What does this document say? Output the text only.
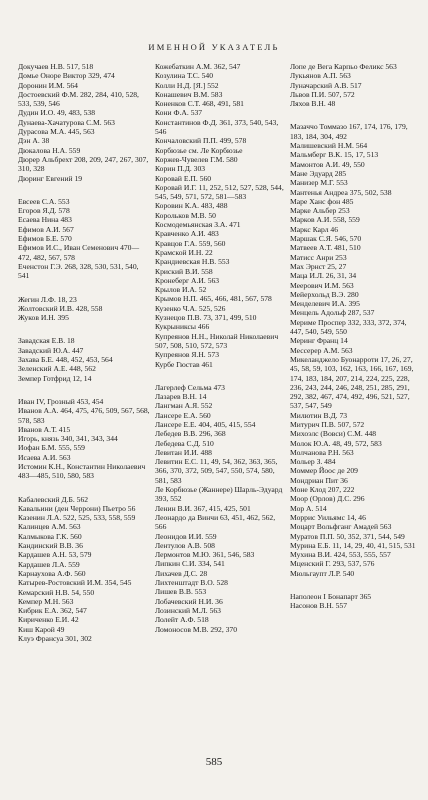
ИМЕННОЙ УКАЗАТЕЛЬ
Докучаев Н.В. 517, 518
Домье Оноре Виктор 329, 474
Доронин И.М. 564
Достоевский Ф.М. 282, 284, 410, 528, 533, 539, 546
Дудин И.О. 49, 483, 538
Дунаева-Хачатурова С.М. 563
Дурасова М.А. 445, 563
Дэн А. 38
Дюкалова Н.А. 559
Дюрер Альбрехт 208, 209, 247, 267, 307, 310, 328
Дюринг Евгений 19
Евсеев С.А. 553
Егоров Я.Д. 578
Есаева Нина 483
Ефимов А.И. 567
Ефимов Б.Е. 570
Ефимов И.С., Иван Семенович 470—472, 482, 567, 578
Еченстон Г.Э. 268, 328, 530, 531, 540, 541
Жегин Л.Ф. 18, 23
Жолтовский И.В. 428, 558
Жуков И.Н. 395
Завадская Е.В. 18
Завадский Ю.А. 447
Захава Б.Е. 448, 452, 453, 564
Зеленский А.Е. 448, 562
Земпер Готфрид 12, 14
Иван IV, Грозный 453, 454
Иванов А.А. 464, 475, 476, 509, 567, 568, 578, 583
Иванов А.Т. 415
Игорь, князь 340, 341, 343, 344
Иофан Б.М. 555, 559
Исаева А.И. 563
Истомин К.Н., Константин Николаевич 483—485, 510, 580, 583
Кабалевский Д.Б. 562
Кавальини (ден Черрони) Пьетро 56
Казенин Л.А. 522, 525, 533, 558, 559
Калинцев А.М. 563
Калмыкова Г.К. 560
Кандинский В.В. 36
Кардашев А.Н. 53, 579
Кардашев Л.А. 559
Карнаухова А.Ф. 560
Катырев-Ростовский И.М. 354, 545
Кемарский Н.В. 54, 550
Кемпер М.Н. 563
Кибрик Е.А. 362, 547
Кириченко Е.И. 42
Киш Карой 49
Клуэ Франсуа 301, 302
Кожебаткин А.М. 362, 547
Козулина Т.С. 540
Колли Н.Д. [Я.] 552
Конашевич В.М. 583
Коненков С.Т. 468, 491, 581
Кони Ф.А. 537
Константинов Ф.Д. 361, 373, 540, 543, 546
Кончаловский П.П. 499, 578
Корбюзье см. Ле Корбюзье
Коржев-Чувелев Г.М. 580
Корин П.Д. 303
Коровай Е.П. 560
Коровай И.Г. 11, 252, 512, 527, 528, 544, 545, 549, 571, 572, 581—583
Коровин К.А. 483, 488
Корольков М.В. 50
Космодемьянская З.А. 471
Кравченко А.И. 483
Кравцов Г.А. 559, 560
Крамской И.Н. 22
Крандиевская Н.В. 553
Криский В.И. 558
Кронеберг А.И. 563
Крылов И.А. 52
Крымов Н.П. 465, 466, 481, 567, 578
Кузенко Ч.А. 525, 526
Кузнецов П.В. 73, 371, 499, 510
Кукрыниксы 466
Купреянов Н.Н., Николай Николаевич 507, 508, 510, 572, 573
Купреянов Я.Н. 573
Курбе Гюстав 461
Лагерлеф Сельма 473
Лазарев В.Н. 14
Лангман А.Я. 552
Лансере Е.А. 560
Лансере Е.Е. 404, 405, 415, 554
Лебедев В.В. 296, 368
Лебедева С.Д. 510
Левитан И.И. 488
Левитин Е.С. 11, 49, 54, 362, 363, 365, 366, 370, 372, 509, 547, 550, 574, 580, 581, 583
Ле Корбюзье (Жаннере) Шарль-Эдуард 393, 552
Ленин В.И. 367, 415, 425, 501
Леонардо да Винчи 63, 451, 462, 562, 566
Леонидов И.И. 559
Лентулов А.В. 508
Лермонтов М.Ю. 361, 546, 583
Липкин С.И. 334, 541
Лихачев Д.С. 28
Лихтенштадт В.О. 528
Лишев В.В. 553
Лобачевский Н.И. 36
Лозинский М.Л. 563
Лолейт А.Ф. 518
Ломоносов М.В. 292, 370
Лопе де Вега Карпьо Феликс 563
Лукьянов А.П. 563
Луначарский А.В. 517
Львов П.И. 507, 572
Ляхов В.Н. 48
Мазаччо Томмазо 167, 174, 176, 179, 183, 184, 304, 492
Малишевский Н.М. 564
Мальмберг В.К. 15, 17, 513
Мамонтов А.И. 49, 550
Мане Эдуард 285
Манизер М.Г. 553
Мантенья Андреа 375, 502, 538
Маре Ханс фон 485
Марке Альбер 253
Марков А.И. 558, 559
Маркс Карл 46
Маршак С.Я. 546, 570
Матвеев А.Т. 481, 510
Матисс Анри 253
Мах Эрнст 25, 27
Маца И.Л. 26, 31, 34
Меерович И.М. 563
Мейерхольд В.Э. 280
Менделевич И.А. 395
Менцель Адольф 287, 537
Мериме Проспер 332, 333, 372, 374, 447, 540, 549, 550
Меринг Франц 14
Мессерер А.М. 563
Микеланджело Буонарроти 17, 26, 27, 45, 58, 59, 103, 162, 163, 166, 167, 169, 174, 183, 184, 207, 214, 224, 225, 228, 236, 243, 244, 246, 248, 251, 285, 291, 292, 382, 467, 474, 492, 496, 521, 527, 537, 547, 549
Милютин В.Д. 73
Митурич П.В. 507, 572
Михоэлс (Вовси) С.М. 448
Молок Ю.А. 48, 49, 572, 583
Молчанова Р.Н. 563
Мольер З. 484
Моммер Йоос де 209
Мондриан Пит 36
Моне Клод 207, 222
Моор (Орлов) Д.С. 296
Мор А. 514
Моррис Уильямс 14, 46
Моцарт Вольфганг Амадей 563
Муратов П.П. 50, 352, 371, 544, 549
Мурина Е.Б. 11, 14, 29, 40, 41, 515, 531
Мухина В.И. 424, 553, 555, 557
Мценский Г. 293, 537, 576
Мюльгаупт Л.Р. 540
Наполеон I Бонапарт 365
Насонов В.Н. 557
585
